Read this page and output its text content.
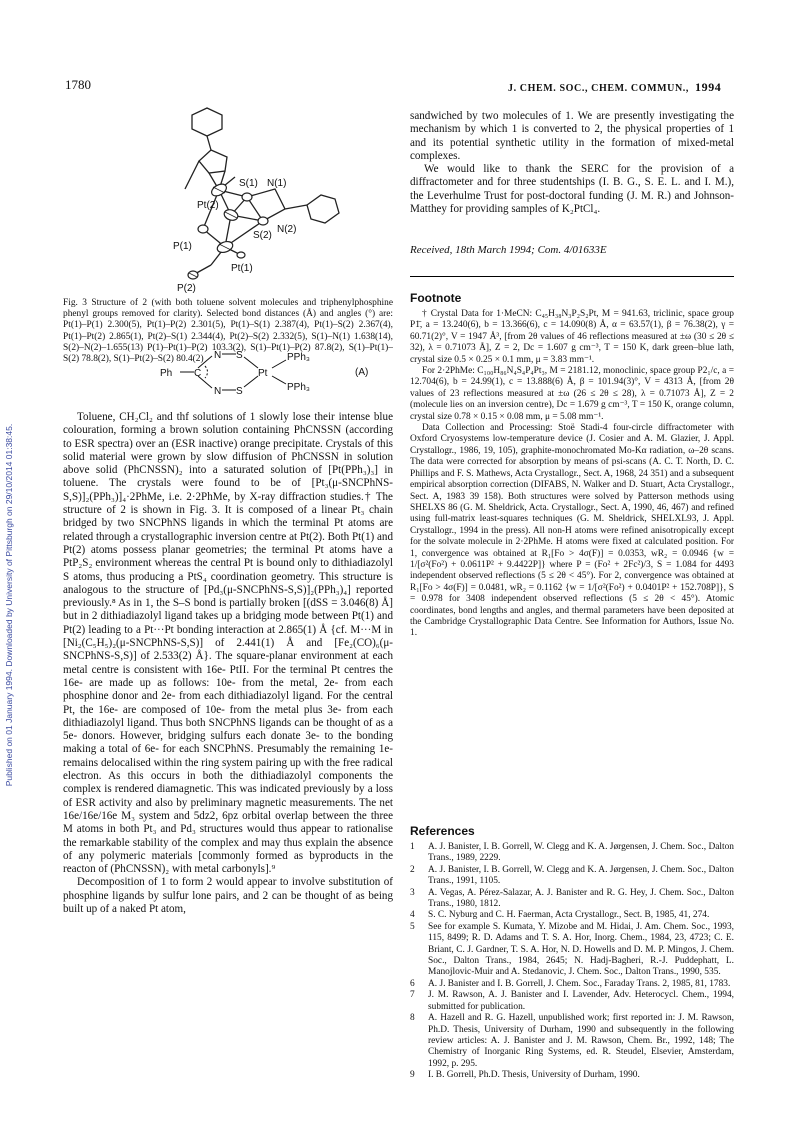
Published on 01 January 1994. Downloaded by University of Pittsburgh on 29/10/2014 01:38:45.
1780	J. CHEM. SOC., CHEM. COMMUN., 1994
S(1) N(1)
Pt(2)
N(2)
S(2)
P(1)
Pt(1)
P(2)

Fig. 3 Structure of 2 (with both toluene solvent molecules and triphenylphosphine phenyl groups removed for clarity). Selected bond distances (Å) and angles (°) are: Pt(1)–P(1) 2.300(5), Pt(1)–P(2) 2.301(5), Pt(1)–S(1) 2.387(4), Pt(1)–S(2) 2.367(4), Pt(1)–Pt(2) 2.865(1), Pt(2)–S(1) 2.344(4), Pt(2)–S(2) 2.332(5), S(1)–N(1) 1.638(14), S(2)–N(2)–1.655(13) P(1)–Pt(1)–P(2) 103.3(2), S(1)–Pt(1)–P(2) 87.8(2), S(1)–Pt(1)–S(2) 78.8(2), S(1)–Pt(2)–S(2) 80.4(2)	N S
Ph C	Pt
N S
PPh₃
PPh₃
(A)

Toluene, CH₂Cl₂ and thf solutions of 1 slowly lose their intense blue colouration, forming a brown solution containing PhCNSSN (according to ESR spectra) over an (ESR inactive) orange precipitate. Crystals of this solid material were grown by slow diffusion of PhCNSSN in solution above solid (PhCNSSN)₂ into a saturated solution of [Pt(PPh₃)₃] in toluene. The crystals were found to be of [Pt₃(μ-SNCPhNS-S,S)]₂(PPh₃)]₄·2PhMe, i.e. 2·2PhMe, by X-ray diffraction studies.† The structure of 2 is shown in Fig. 3. It is composed of a linear Pt₃ chain bridged by two SNCPhNS ligands in which the terminal Pt atoms are related through a crystallographic inversion centre at Pt(2). Both Pt(1) and Pt(2) atoms possess planar geometries; the terminal Pt atoms have a PtP₂S₂ environment whereas the central Pt is bound only to dithiadiazolyl S atoms, thus producing a PtS₄ coordination geometry. This structure is analogous to the structure of [Pd₃(μ-SNCPhNS-S,S)]₂(PPh₃)₄] reported previously.⁸ As in 1, the S–S bond is partially broken [(dSS = 3.046(8) Å] but in 2 dithiadiazolyl ligand takes up a bridging mode between Pt(1) and Pt(2) leading to a Pt···Pt bonding interaction at 2.865(1) Å {cf. M···M in [Ni₂(C₅H₅)₂(μ-SNCPhNS-S,S)] of 2.441(1) Å and [Fe₂(CO)₆(μ-SNCPhNS-S,S)] of 2.533(2) Å}. The square-planar environment at each metal centre is consistent with 16e- PtII. For the terminal Pt centres the 16e- are made up as follows: 10e- from the metal, 2e- from each phosphine donor and 2e- from each dithiadiazolyl ligand. For the central Pt, the 16e- are composed of 10e- from the metal plus 3e- from each dithiadiazolyl ligand. Thus both SNCPhNS ligands can be thought of as a 5e- donors. However, bridging sulfurs each donate 3e- to the bonding making a total of 6e- for each SNCPhNS. Presumably the remaining 1e- remains delocalised within the ring system pairing up with the free radical electron. As this occurs in both the dithiadiazolyl components the complex is rendered diamagnetic. This was indicated previously by a loss of ESR activity and also by preliminary magnetic measurements. The net 16e/16e/16e M₃ system and 5dz2, 6pz orbital overlap between the three M atoms in both Pt₃ and Pd₃ structures would thus appear to rationalise the remarkable stability of the complex and may thus explain the absence of any polymeric materials [commonly formed as byproducts in the reacton of (PhCNSSN)₂ with metal carbonyls].⁹

Decomposition of 1 to form 2 would appear to involve substitution of phosphine ligands by sulfur lone pairs, and 2 can be thought of as being built up of a naked Pt atom,

sandwiched by two molecules of 1. We are presently investigating the mechanism by which 1 is converted to 2, the physical properties of 1 and its potential synthetic utility in the formation of mixed-metal complexes.

We would like to thank the SERC for the provision of a diffractometer and for three studentships (I. B. G., S. E. L. and I. M.), the Leverhulme Trust for post-doctoral funding (J. M. R.) and Johnson-Matthey for providing samples of K₂PtCl₄.

Received, 18th March 1994; Com. 4/01633E
Footnote

† Crystal Data for 1·MeCN: C₄₅H₃₈N₃P₂S₂Pt, M = 941.63, triclinic, space group P1̄, a = 13.240(6), b = 13.366(6), c = 14.090(8) Å, α = 63.57(1), β = 76.38(2), γ = 60.71(2)°, V = 1947 Å³, [from 2θ values of 46 reflections measured at ±ω (30 ≤ 2θ ≤ 32), λ = 0.71073 Å], Z = 2, Dc = 1.607 g cm⁻³, T = 150 K, dark green–blue lath, crystal size 0.5 × 0.25 × 0.1 mm, μ = 3.83 mm⁻¹.

For 2·2PhMe: C₁₀₀H₈₆N₄S₄P₄Pt₃, M = 2181.12, monoclinic, space group P2₁/c, a = 12.704(6), b = 24.99(1), c = 13.888(6) Å, β = 101.94(3)°, V = 4313 Å, [from 2θ values of 23 reflections measured at ±ω (26 ≤ 2θ ≤ 28), λ = 0.71073 Å], Z = 2 (molecule lies on an inversion centre), Dc = 1.679 g cm⁻³, T = 150 K, orange column, crystal size 0.78 × 0.15 × 0.08 mm, μ = 5.08 mm⁻¹.

Data Collection and Processing: Stoë Stadi-4 four-circle diffractometer with Oxford Cryosystems low-temperature device (J. Cosier and A. M. Glazier, J. Appl. Crystallogr., 1986, 19, 105), graphite-monochromated Mo-Kα radiation, ω–2θ scans. The data were corrected for absorption by means of psi-scans (A. C. T. North, D. C. Phillips and F. S. Mathews, Acta Crystallogr., Sect. A, 1968, 24 351) and a subsequent empirical absorption correction (DIFABS, N. Walker and D. Stuart, Acta Crystallogr., Sect. A, 1983 39 158). Both structures were solved by Patterson methods using SHELXS 86 (G. M. Sheldrick, Acta. Crystallogr., Sect. A, 1990, 46, 467) and refined using full-matrix least-squares techniques (G. M. Sheldrick, SHELXL93, J. Appl. Crystallogr., 1994 in the press). All non-H atoms were refined anisotropically except for the solvate molecule in 2·2PhMe. H atoms were fixed at calculated position. For 1, convergence was obtained at R₁[Fo > 4σ(F)] = 0.0353, wR₂ = 0.0946 {w = 1/[σ²(Fo²) + 0.0611P² + 9.4422P]} where P = (Fo² + 2Fc²)/3, S = 1.084 for 4493 independent observed reflections (5 ≤ 2θ < 45°). For 2, convergence was obtained at R₁[Fo > 4σ(F)] = 0.0481, wR₂ = 0.1162 {w = 1/[σ²(Fo²) + 0.0401P² + 152.708P]}, S = 0.978 for 3408 independent observed reflections (5 ≤ 2θ < 45°). Atomic coordinates, bond lengths and angles, and thermal parameters have been deposited at the Cambridge Crystallographic Data Centre. See Information for Authors, Issue No. 1.

References
1 A. J. Banister, I. B. Gorrell, W. Clegg and K. A. Jørgensen, J. Chem. Soc., Dalton Trans., 1989, 2229.
2 A. J. Banister, I. B. Gorrell, W. Clegg and K. A. Jørgensen, J. Chem. Soc., Dalton Trans., 1991, 1105.
3 A. Vegas, A. Pérez-Salazar, A. J. Banister and R. G. Hey, J. Chem. Soc., Dalton Trans., 1980, 1812.
4 S. C. Nyburg and C. H. Faerman, Acta Crystallogr., Sect. B, 1985, 41, 274.
5 See for example S. Kumata, Y. Mizobe and M. Hidai, J. Am. Chem. Soc., 1993, 115, 8499; R. D. Adams and T. S. A. Hor, Inorg. Chem., 1984, 23, 4723; C. E. Briant, C. J. Gardner, T. S. A. Hor, N. D. Howells and D. M. P. Mingos, J. Chem. Soc., Dalton Trans., 1984, 2645; N. Hadj-Bagheri, R.-J. Puddephatt, L. Manojlovic-Muir and A. Stedanovic, J. Chem. Soc., Dalton Trans., 1990, 535.
6 A. J. Banister and I. B. Gorrell, J. Chem. Soc., Faraday Trans. 2, 1985, 81, 1783.
7 J. M. Rawson, A. J. Banister and I. Lavender, Adv. Heterocycl. Chem., 1994, submitted for publication.
8 A. Hazell and R. G. Hazell, unpublished work; first reported in: J. M. Rawson, Ph.D. Thesis, University of Durham, 1990 and subsequently in the following review articles: A. J. Banister and J. M. Rawson, Chem. Br., 1992, 148; The Chemistry of Inorganic Ring Systems, ed. R. Steudel, Elsevier, Amsterdam, 1992, p. 295.
9 I. B. Gorrell, Ph.D. Thesis, University of Durham, 1990.
